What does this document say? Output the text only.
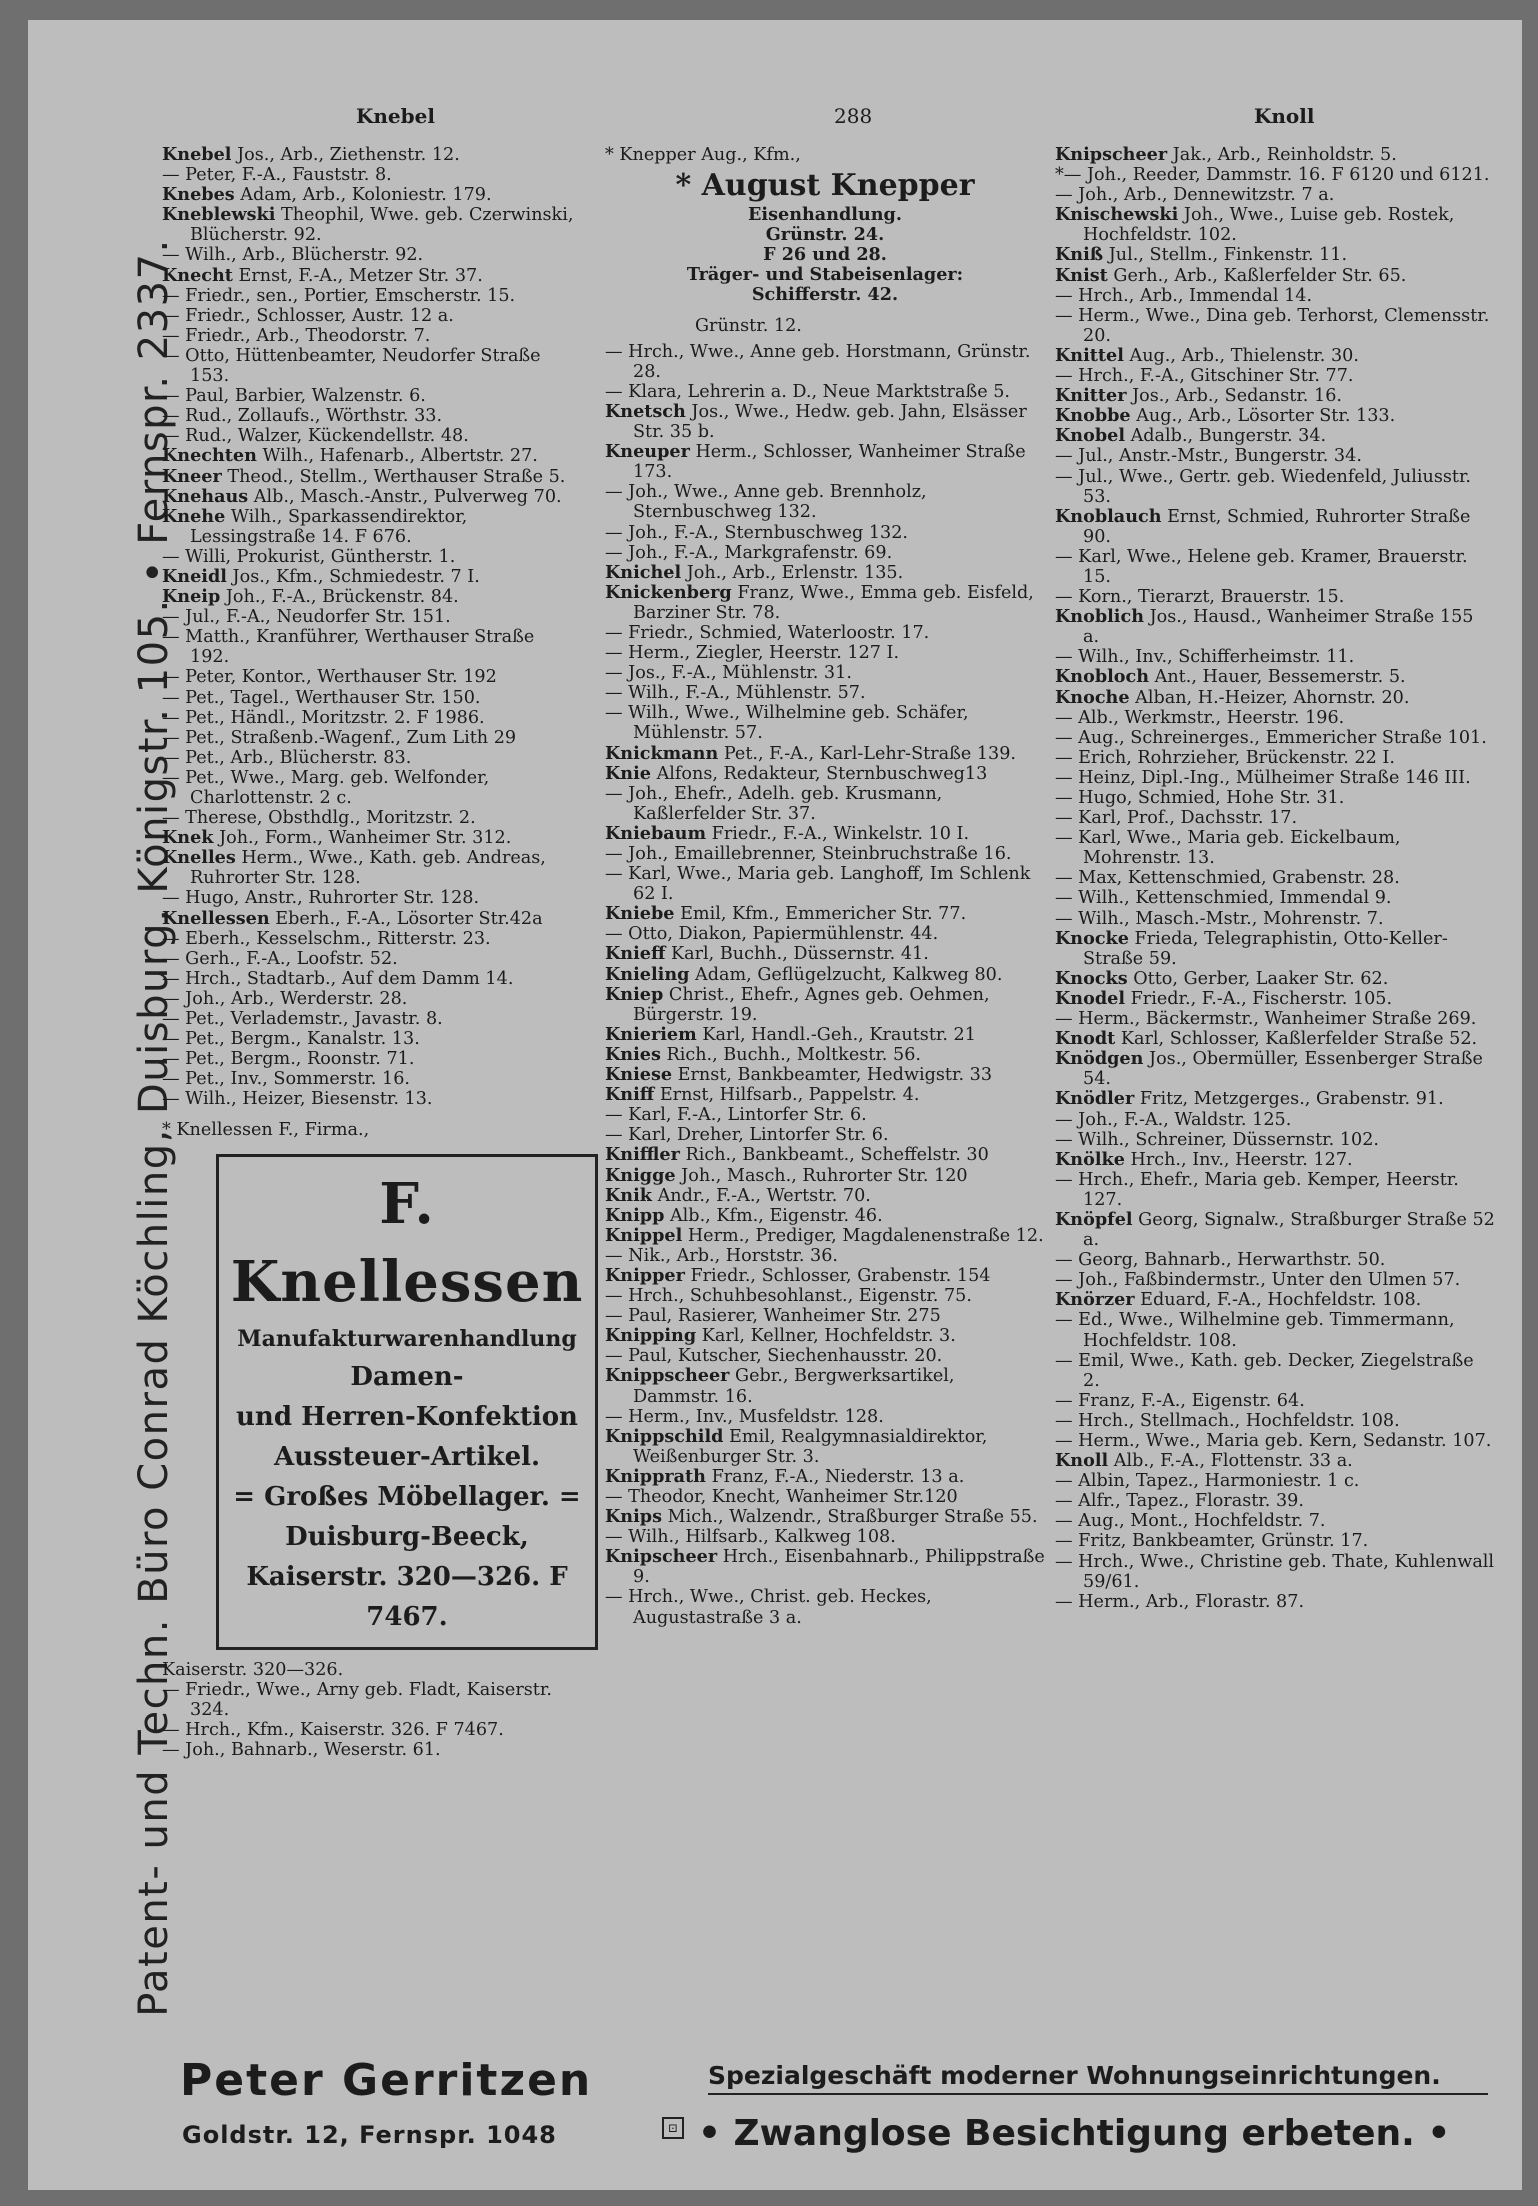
Patent- und Techn. Büro Conrad Köchling, Duisburg, Königstr. 105. • Fernspr. 2337.
Knebel	288	Knoll
Knebel Jos., Arb., Ziethenstr. 12.
— Peter, F.-A., Fauststr. 8.
Knebes Adam, Arb., Koloniestr. 179.
Kneblewski Theophil, Wwe. geb. Czerwinski, Blücherstr. 92.
— Wilh., Arb., Blücherstr. 92.
Knecht Ernst, F.-A., Metzer Str. 37.
— Friedr., sen., Portier, Emscherstr. 15.
— Friedr., Schlosser, Austr. 12 a.
— Friedr., Arb., Theodorstr. 7.
— Otto, Hüttenbeamter, Neudorfer Straße 153.
— Paul, Barbier, Walzenstr. 6.
— Rud., Zollaufs., Wörthstr. 33.
— Rud., Walzer, Kückendellstr. 48.
Knechten Wilh., Hafenarb., Albertstr. 27.
Kneer Theod., Stellm., Werthauser Straße 5.
Knehaus Alb., Masch.-Anstr., Pulverweg 70.
Knehe Wilh., Sparkassendirektor, Lessingstraße 14. F 676.
— Willi, Prokurist, Güntherstr. 1.
Kneidl Jos., Kfm., Schmiedestr. 7 I.
Kneip Joh., F.-A., Brückenstr. 84.
— Jul., F.-A., Neudorfer Str. 151.
— Matth., Kranführer, Werthauser Straße 192.
— Peter, Kontor., Werthauser Str. 192
— Pet., Tagel., Werthauser Str. 150.
— Pet., Händl., Moritzstr. 2. F 1986.
— Pet., Straßenb.-Wagenf., Zum Lith 29
— Pet., Arb., Blücherstr. 83.
— Pet., Wwe., Marg. geb. Welfonder, Charlottenstr. 2 c.
— Therese, Obsthdlg., Moritzstr. 2.
Knek Joh., Form., Wanheimer Str. 312.
Knelles Herm., Wwe., Kath. geb. Andreas, Ruhrorter Str. 128.
— Hugo, Anstr., Ruhrorter Str. 128.
Knellessen Eberh., F.-A., Lösorter Str.42a
— Eberh., Kesselschm., Ritterstr. 23.
— Gerh., F.-A., Loofstr. 52.
— Hrch., Stadtarb., Auf dem Damm 14.
— Joh., Arb., Werderstr. 28.
— Pet., Verlademstr., Javastr. 8.
— Pet., Bergm., Kanalstr. 13.
— Pet., Bergm., Roonstr. 71.
— Pet., Inv., Sommerstr. 16.
— Wilh., Heizer, Biesenstr. 13.
* Knellessen F., Firma.,
F. Knellessen
Manufakturwarenhandlung
Damen-
und Herren-Konfektion
Aussteuer-Artikel.
= Großes Möbellager. =
Duisburg-Beeck,
Kaiserstr. 320—326. F 7467.
Kaiserstr. 320—326.
— Friedr., Wwe., Arny geb. Fladt, Kaiserstr. 324.
— Hrch., Kfm., Kaiserstr. 326. F 7467.
— Joh., Bahnarb., Weserstr. 61.
* Knepper Aug., Kfm.,
* August Knepper
Eisenhandlung.
Grünstr. 24.
F 26 und 28.
Träger- und Stabeisenlager:
Schifferstr. 42.
Grünstr. 12.
— Hrch., Wwe., Anne geb. Horstmann, Grünstr. 28.
— Klara, Lehrerin a. D., Neue Marktstraße 5.
Knetsch Jos., Wwe., Hedw. geb. Jahn, Elsässer Str. 35 b.
Kneuper Herm., Schlosser, Wanheimer Straße 173.
— Joh., Wwe., Anne geb. Brennholz, Sternbuschweg 132.
— Joh., F.-A., Sternbuschweg 132.
— Joh., F.-A., Markgrafenstr. 69.
Knichel Joh., Arb., Erlenstr. 135.
Knickenberg Franz, Wwe., Emma geb. Eisfeld, Barziner Str. 78.
— Friedr., Schmied, Waterloostr. 17.
— Herm., Ziegler, Heerstr. 127 I.
— Jos., F.-A., Mühlenstr. 31.
— Wilh., F.-A., Mühlenstr. 57.
— Wilh., Wwe., Wilhelmine geb. Schäfer, Mühlenstr. 57.
Knickmann Pet., F.-A., Karl-Lehr-Straße 139.
Knie Alfons, Redakteur, Sternbuschweg13
— Joh., Ehefr., Adelh. geb. Krusmann, Kaßlerfelder Str. 37.
Kniebaum Friedr., F.-A., Winkelstr. 10 I.
— Joh., Emaillebrenner, Steinbruchstraße 16.
— Karl, Wwe., Maria geb. Langhoff, Im Schlenk 62 I.
Kniebe Emil, Kfm., Emmericher Str. 77.
— Otto, Diakon, Papiermühlenstr. 44.
Knieff Karl, Buchh., Düssernstr. 41.
Knieling Adam, Geflügelzucht, Kalkweg 80.
Kniep Christ., Ehefr., Agnes geb. Oehmen, Bürgerstr. 19.
Knieriem Karl, Handl.-Geh., Krautstr. 21
Knies Rich., Buchh., Moltkestr. 56.
Kniese Ernst, Bankbeamter, Hedwigstr. 33
Kniff Ernst, Hilfsarb., Pappelstr. 4.
— Karl, F.-A., Lintorfer Str. 6.
— Karl, Dreher, Lintorfer Str. 6.
Kniffler Rich., Bankbeamt., Scheffelstr. 30
Knigge Joh., Masch., Ruhrorter Str. 120
Knik Andr., F.-A., Wertstr. 70.
Knipp Alb., Kfm., Eigenstr. 46.
Knippel Herm., Prediger, Magdalenenstraße 12.
— Nik., Arb., Horststr. 36.
Knipper Friedr., Schlosser, Grabenstr. 154
— Hrch., Schuhbesohlanst., Eigenstr. 75.
— Paul, Rasierer, Wanheimer Str. 275
Knipping Karl, Kellner, Hochfeldstr. 3.
— Paul, Kutscher, Siechenhausstr. 20.
Knippscheer Gebr., Bergwerksartikel, Dammstr. 16.
— Herm., Inv., Musfeldstr. 128.
Knippschild Emil, Realgymnasialdirektor, Weißenburger Str. 3.
Knipprath Franz, F.-A., Niederstr. 13 a.
— Theodor, Knecht, Wanheimer Str.120
Knips Mich., Walzendr., Straßburger Straße 55.
— Wilh., Hilfsarb., Kalkweg 108.
Knipscheer Hrch., Eisenbahnarb., Philippstraße 9.
— Hrch., Wwe., Christ. geb. Heckes, Augustastraße 3 a.
Knipscheer Jak., Arb., Reinholdstr. 5.
*— Joh., Reeder, Dammstr. 16. F 6120 und 6121.
— Joh., Arb., Dennewitzstr. 7 a.
Knischewski Joh., Wwe., Luise geb. Rostek, Hochfeldstr. 102.
Kniß Jul., Stellm., Finkenstr. 11.
Knist Gerh., Arb., Kaßlerfelder Str. 65.
— Hrch., Arb., Immendal 14.
— Herm., Wwe., Dina geb. Terhorst, Clemensstr. 20.
Knittel Aug., Arb., Thielenstr. 30.
— Hrch., F.-A., Gitschiner Str. 77.
Knitter Jos., Arb., Sedanstr. 16.
Knobbe Aug., Arb., Lösorter Str. 133.
Knobel Adalb., Bungerstr. 34.
— Jul., Anstr.-Mstr., Bungerstr. 34.
— Jul., Wwe., Gertr. geb. Wiedenfeld, Juliusstr. 53.
Knoblauch Ernst, Schmied, Ruhrorter Straße 90.
— Karl, Wwe., Helene geb. Kramer, Brauerstr. 15.
— Korn., Tierarzt, Brauerstr. 15.
Knoblich Jos., Hausd., Wanheimer Straße 155 a.
— Wilh., Inv., Schifferheimstr. 11.
Knobloch Ant., Hauer, Bessemerstr. 5.
Knoche Alban, H.-Heizer, Ahornstr. 20.
— Alb., Werkmstr., Heerstr. 196.
— Aug., Schreinerges., Emmericher Straße 101.
— Erich, Rohrzieher, Brückenstr. 22 I.
— Heinz, Dipl.-Ing., Mülheimer Straße 146 III.
— Hugo, Schmied, Hohe Str. 31.
— Karl, Prof., Dachsstr. 17.
— Karl, Wwe., Maria geb. Eickelbaum, Mohrenstr. 13.
— Max, Kettenschmied, Grabenstr. 28.
— Wilh., Kettenschmied, Immendal 9.
— Wilh., Masch.-Mstr., Mohrenstr. 7.
Knocke Frieda, Telegraphistin, Otto-Keller-Straße 59.
Knocks Otto, Gerber, Laaker Str. 62.
Knodel Friedr., F.-A., Fischerstr. 105.
— Herm., Bäckermstr., Wanheimer Straße 269.
Knodt Karl, Schlosser, Kaßlerfelder Straße 52.
Knödgen Jos., Obermüller, Essenberger Straße 54.
Knödler Fritz, Metzgerges., Grabenstr. 91.
— Joh., F.-A., Waldstr. 125.
— Wilh., Schreiner, Düssernstr. 102.
Knölke Hrch., Inv., Heerstr. 127.
— Hrch., Ehefr., Maria geb. Kemper, Heerstr. 127.
Knöpfel Georg, Signalw., Straßburger Straße 52 a.
— Georg, Bahnarb., Herwarthstr. 50.
— Joh., Faßbindermstr., Unter den Ulmen 57.
Knörzer Eduard, F.-A., Hochfeldstr. 108.
— Ed., Wwe., Wilhelmine geb. Timmermann, Hochfeldstr. 108.
— Emil, Wwe., Kath. geb. Decker, Ziegelstraße 2.
— Franz, F.-A., Eigenstr. 64.
— Hrch., Stellmach., Hochfeldstr. 108.
— Herm., Wwe., Maria geb. Kern, Sedanstr. 107.
Knoll Alb., F.-A., Flottenstr. 33 a.
— Albin, Tapez., Harmoniestr. 1 c.
— Alfr., Tapez., Florastr. 39.
— Aug., Mont., Hochfeldstr. 7.
— Fritz, Bankbeamter, Grünstr. 17.
— Hrch., Wwe., Christine geb. Thate, Kuhlenwall 59/61.
— Herm., Arb., Florastr. 87.
Peter Gerritzen
Goldstr. 12, Fernspr. 1048	⊡
Spezialgeschäft moderner Wohnungseinrichtungen.
• Zwanglose Besichtigung erbeten. •
